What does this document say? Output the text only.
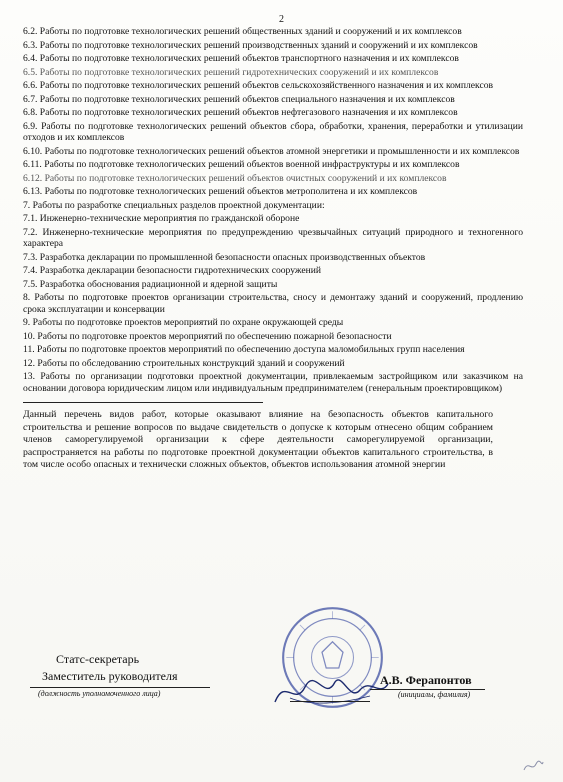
2
6.2. Работы по подготовке технологических решений общественных зданий и сооружений и их комплексов
6.3. Работы по подготовке технологических решений производственных зданий и сооружений и их комплексов
6.4. Работы по подготовке технологических решений объектов транспортного назначения и их комплексов
6.5. Работы по подготовке технологических решений гидротехнических сооружений и их комплексов
6.6. Работы по подготовке технологических решений объектов сельскохозяйственного назначения и их комплексов
6.7. Работы по подготовке технологических решений объектов специального назначения и их комплексов
6.8. Работы по подготовке технологических решений объектов нефтегазового назначения и их комплексов
6.9. Работы по подготовке технологических решений объектов сбора, обработки, хранения, переработки и утилизации отходов и их комплексов
6.10. Работы по подготовке технологических решений объектов атомной энергетики и промышленности и их комплексов
6.11. Работы по подготовке технологических решений объектов военной инфраструктуры и их комплексов
6.12. Работы по подготовке технологических решений объектов очистных сооружений и их комплексов
6.13. Работы по подготовке технологических решений объектов метрополитена и их комплексов
7. Работы по разработке специальных разделов проектной документации:
7.1. Инженерно-технические мероприятия по гражданской обороне
7.2. Инженерно-технические мероприятия по предупреждению чрезвычайных ситуаций природного и техногенного характера
7.3. Разработка декларации по промышленной безопасности опасных производственных объектов
7.4. Разработка декларации безопасности гидротехнических сооружений
7.5. Разработка обоснования радиационной и ядерной защиты
8. Работы по подготовке проектов организации строительства, сносу и демонтажу зданий и сооружений, продлению срока эксплуатации и консервации
9. Работы по подготовке проектов мероприятий по охране окружающей среды
10. Работы по подготовке проектов мероприятий по обеспечению пожарной безопасности
11. Работы по подготовке проектов мероприятий по обеспечению доступа маломобильных групп населения
12. Работы по обследованию строительных конструкций зданий и сооружений
13. Работы по организации подготовки проектной документации, привлекаемым застройщиком или заказчиком на основании договора юридическим лицом или индивидуальным предпринимателем (генеральным проектировщиком)
Данный перечень видов работ, которые оказывают влияние на безопасность объектов капитального строительства и решение вопросов по выдаче свидетельств о допуске к которым отнесено общим собранием членов саморегулируемой организации к сфере деятельности саморегулируемой организации, распространяется на работы по подготовке проектной документации объектов капитального строительства, в том числе особо опасных и технически сложных объектов, объектов использования атомной энергии
Статс-секретарь
Заместитель руководителя
(должность уполномоченного лица)
А.В. Ферапонтов
(инициалы, фамилия)
